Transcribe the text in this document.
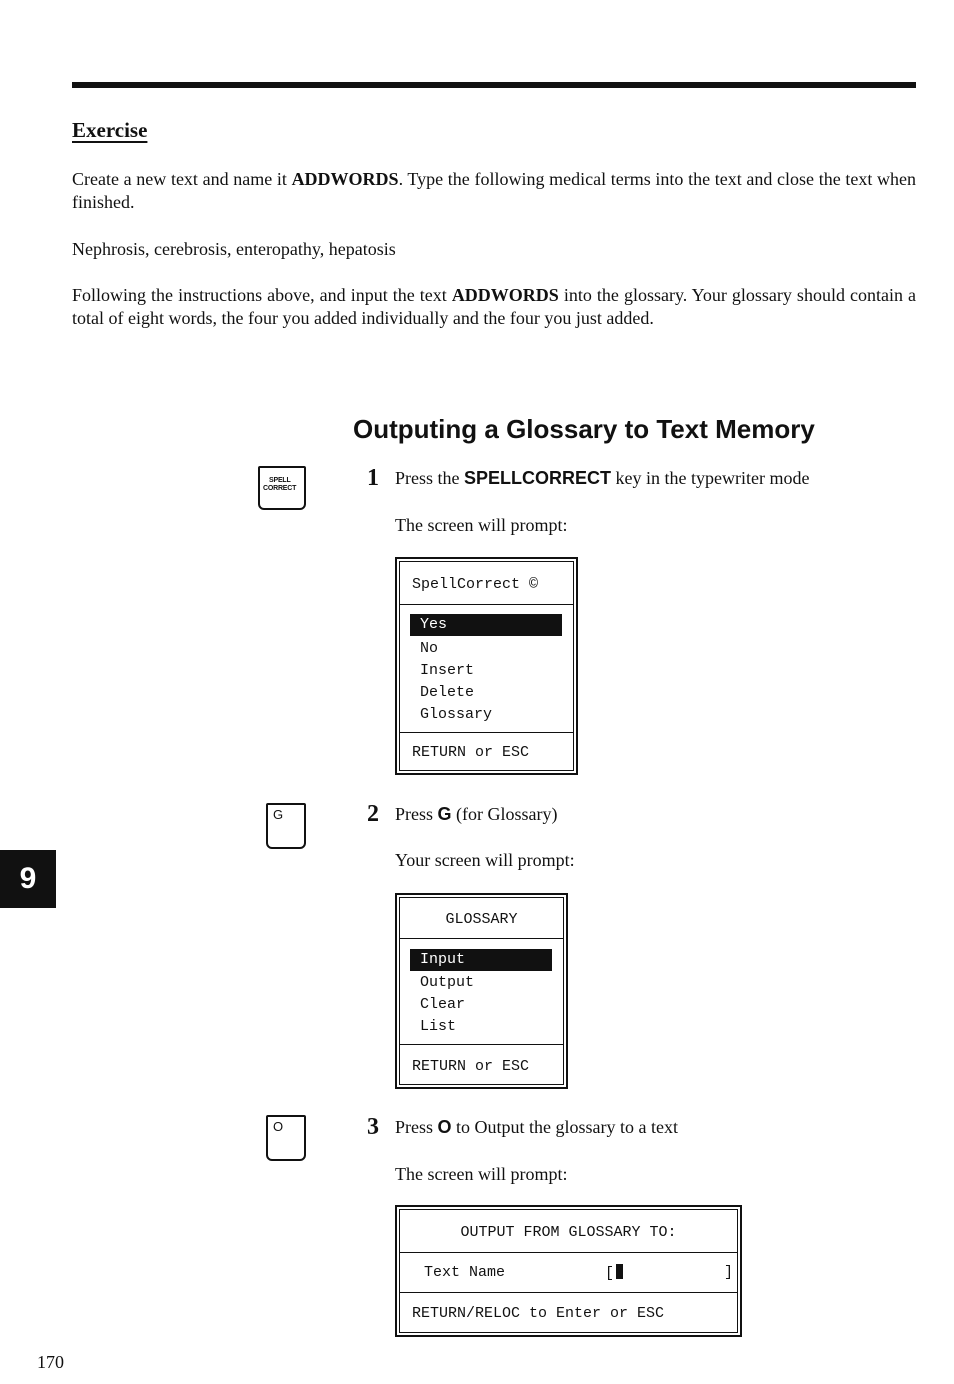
Exercise
Create a new text and name it ADDWORDS. Type the following medical terms into the text and close the text when finished.
Nephrosis, cerebrosis, enteropathy, hepatosis
Following the instructions above, and input the text ADDWORDS into the glossary. Your glossary should contain a total of eight words, the four you added individually and the four you just added.
Outputing a Glossary to Text Memory
SPELL
CORRECT	1 Press the SPELLCORRECT key in the typewriter mode
The screen will prompt:
SpellCorrect ©
Yes
No
Insert
Delete
Glossary
RETURN or ESC
G	2 Press G (for Glossary)
Your screen will prompt:
GLOSSARY
Input
Output
Clear
List
RETURN or ESC
O	3 Press O to Output the glossary to a text
The screen will prompt:
OUTPUT FROM GLOSSARY TO:
Text Name	[	]
RETURN/RELOC to Enter or ESC
9
170
